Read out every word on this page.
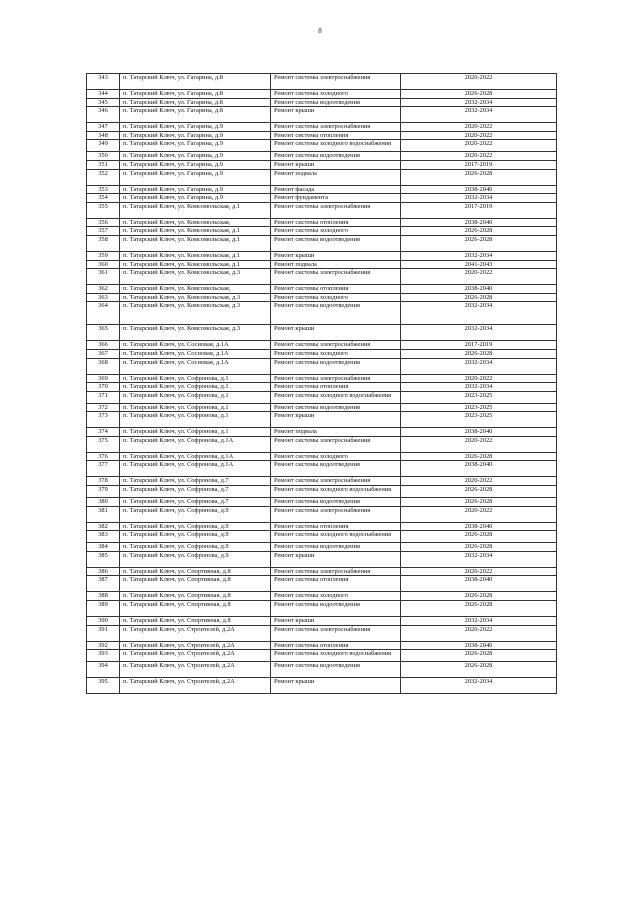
8
343	п. Татарский Ключ, ул. Гагарина, д.8	Ремонт системы электроснабжения	2020-2022
344	п. Татарский Ключ, ул. Гагарина, д.8	Ремонт системы холодного	2026-2028
345	п. Татарский Ключ, ул. Гагарина, д.8	Ремонт системы водоотведения	2032-2034
346	п. Татарский Ключ, ул. Гагарина, д.8	Ремонт крыши	2032-2034
347	п. Татарский Ключ, ул. Гагарина, д.9	Ремонт системы электроснабжения	2020-2022
348	п. Татарский Ключ, ул. Гагарина, д.9	Ремонт системы отопления	2020-2022
349	п. Татарский Ключ, ул. Гагарина, д.9	Ремонт системы холодного водоснабжения	2020-2022
350	п. Татарский Ключ, ул. Гагарина, д.9	Ремонт системы водоотведения	2020-2022
351	п. Татарский Ключ, ул. Гагарина, д.9	Ремонт крыши	2017-2019
352	п. Татарский Ключ, ул. Гагарина, д.9	Ремонт подвала	2026-2028
353	п. Татарский Ключ, ул. Гагарина, д.9	Ремонт фасада	2038-2040
354	п. Татарский Ключ, ул. Гагарина, д.9	Ремонт фундамента	2032-2034
355	п. Татарский Ключ, ул. Комсомольская, д.1	Ремонт системы электроснабжения	2017-2019
356	п. Татарский Ключ, ул. Комсомольская,	Ремонт системы отопления	2038-2040
357	п. Татарский Ключ, ул. Комсомольская, д.1	Ремонт системы холодного	2026-2028
358	п. Татарский Ключ, ул. Комсомольская, д.1	Ремонт системы водоотведения	2026-2028
359	п. Татарский Ключ, ул. Комсомольская, д.1	Ремонт крыши	2032-2034
360	п. Татарский Ключ, ул. Комсомольская, д.1	Ремонт подвала	2041-2043
361	п. Татарский Ключ, ул. Комсомольская, д.3	Ремонт системы электроснабжения	2020-2022
362	п. Татарский Ключ, ул. Комсомольская,	Ремонт системы отопления	2038-2040
363	п. Татарский Ключ, ул. Комсомольская, д.3	Ремонт системы холодного	2026-2028
364	п. Татарский Ключ, ул. Комсомольская, д.3	Ремонт системы водоотведения	2032-2034
365	п. Татарский Ключ, ул. Комсомольская, д.3	Ремонт крыши	2032-2034
366	п. Татарский Ключ, ул. Сосновая, д.1А	Ремонт системы электроснабжения	2017-2019
367	п. Татарский Ключ, ул. Сосновая, д.1А	Ремонт системы холодного	2026-2028
368	п. Татарский Ключ, ул. Сосновая, д.1А	Ремонт системы водоотведения	2032-2034
369	п. Татарский Ключ, ул. Софронова, д.1	Ремонт системы электроснабжения	2020-2022
370	п. Татарский Ключ, ул. Софронова, д.1	Ремонт системы отопления	2032-2034
371	п. Татарский Ключ, ул. Софронова, д.1	Ремонт системы холодного водоснабжения	2023-2025
372	п. Татарский Ключ, ул. Софронова, д.1	Ремонт системы водоотведения	2023-2025
373	п. Татарский Ключ, ул. Софронова, д.1	Ремонт крыши	2023-2025
374	п. Татарский Ключ, ул. Софронова, д.1	Ремонт подвала	2038-2040
375	п. Татарский Ключ, ул. Софронова, д.1А	Ремонт системы электроснабжения	2020-2022
376	п. Татарский Ключ, ул. Софронова, д.1А	Ремонт системы холодного	2026-2028
377	п. Татарский Ключ, ул. Софронова, д.1А	Ремонт системы водоотведения	2038-2040
378	п. Татарский Ключ, ул. Софронова, д.7	Ремонт системы электроснабжения	2020-2022
379	п. Татарский Ключ, ул. Софронова, д.7	Ремонт системы холодного водоснабжения	2026-2028
380	п. Татарский Ключ, ул. Софронова, д.7	Ремонт системы водоотведения	2026-2028
381	п. Татарский Ключ, ул. Софронова, д.9	Ремонт системы электроснабжения	2020-2022
382	п. Татарский Ключ, ул. Софронова, д.9	Ремонт системы отопления	2038-2040
383	п. Татарский Ключ, ул. Софронова, д.9	Ремонт системы холодного водоснабжения	2026-2028
384	п. Татарский Ключ, ул. Софронова, д.9	Ремонт системы водоотведения	2026-2028
385	п. Татарский Ключ, ул. Софронова, д.9	Ремонт крыши	2032-2034
386	п. Татарский Ключ, ул. Спортивная, д.8	Ремонт системы электроснабжения	2020-2022
387	п. Татарский Ключ, ул. Спортивная, д.8	Ремонт системы отопления	2038-2040
388	п. Татарский Ключ, ул. Спортивная, д.8	Ремонт системы холодного	2026-2028
389	п. Татарский Ключ, ул. Спортивная, д.8	Ремонт системы водоотведения	2026-2028
390	п. Татарский Ключ, ул. Спортивная, д.8	Ремонт крыши	2032-2034
391	п. Татарский Ключ, ул. Строителей, д.2А	Ремонт системы электроснабжения	2020-2022
392	п. Татарский Ключ, ул. Строителей, д.2А	Ремонт системы отопления	2038-2040
393	п. Татарский Ключ, ул. Строителей, д.2А	Ремонт системы холодного водоснабжения	2026-2028
394	п. Татарский Ключ, ул. Строителей, д.2А	Ремонт системы водоотведения	2026-2028
395	п. Татарский Ключ, ул. Строителей, д.2А	Ремонт крыши	2032-2034
